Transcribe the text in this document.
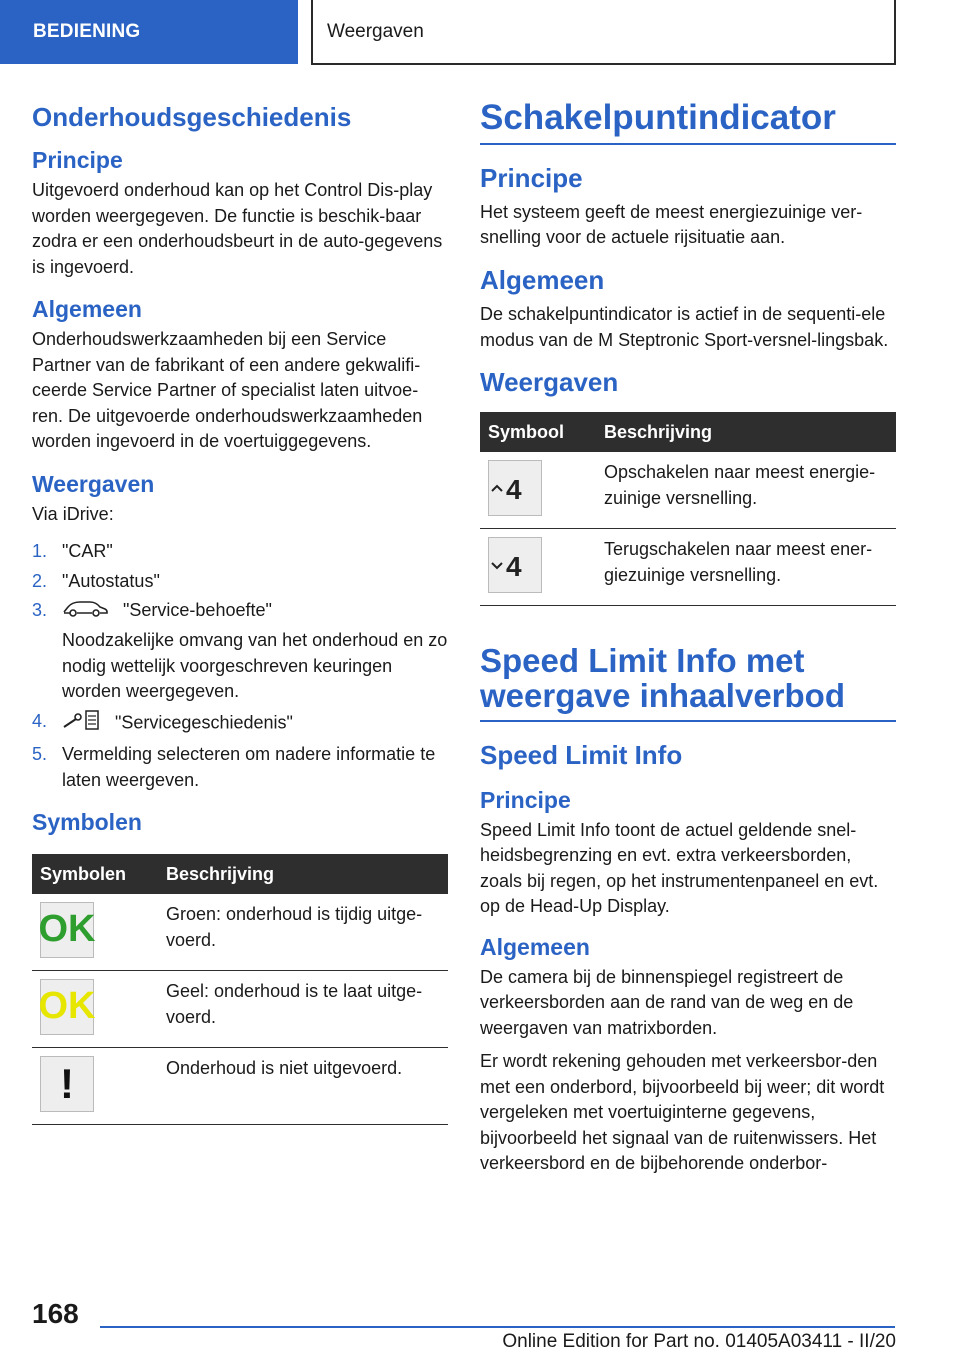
BEDIENING	Weergaven
Onderhoudsgeschiedenis
Principe

Uitgevoerd onderhoud kan op het Control Dis-play worden weergegeven. De functie is beschik-baar zodra er een onderhoudsbeurt in de auto-gegevens is ingevoerd.

Algemeen

Onderhoudswerkzaamheden bij een Service Partner van de fabrikant of een andere gekwalifi-ceerde Service Partner of specialist laten uitvoe-ren. De uitgevoerde onderhoudswerkzaamheden worden ingevoerd in de voertuiggegevens.

Weergaven

Via iDrive:

1. "CAR"
2. "Autostatus"
3.	"Service-behoefte"
Noodzakelijke omvang van het onderhoud en zo nodig wettelijk voorgeschreven keuringen worden weergegeven.
4.	"Servicegeschiedenis"
5. Vermelding selecteren om nadere informatie te laten weergeven.
Symbolen
Symbolen	Beschrijving

OK	Groen: onderhoud is tijdig uitge-voerd.

OK	Geel: onderhoud is te laat uitge-voerd.

!	Onderhoud is niet uitgevoerd.
Schakelpuntindicator
Principe

Het systeem geeft de meest energiezuinige ver-snelling voor de actuele rijsituatie aan.

Algemeen

De schakelpuntindicator is actief in de sequenti-ele modus van de M Steptronic Sport-versnel-lingsbak.

Weergaven
Symbool	Beschrijving

4	Opschakelen naar meest energie-zuinige versnelling.

4	Terugschakelen naar meest ener-giezuinige versnelling.
Speed Limit Info met weergave inhaalverbod
Speed Limit Info
Principe

Speed Limit Info toont de actuel geldende snel-heidsbegrenzing en evt. extra verkeersborden, zoals bij regen, op het instrumentenpaneel en evt. op de Head-Up Display.

Algemeen

De camera bij de binnenspiegel registreert de verkeersborden aan de rand van de weg en de weergaven van matrixborden.

Er wordt rekening gehouden met verkeersbor-den met een onderbord, bijvoorbeeld bij weer; dit wordt vergeleken met voertuiginterne gegevens, bijvoorbeeld het signaal van de ruitenwissers. Het verkeersbord en de bijbehorende onderbor-

168
Online Edition for Part no. 01405A03411 - II/20
